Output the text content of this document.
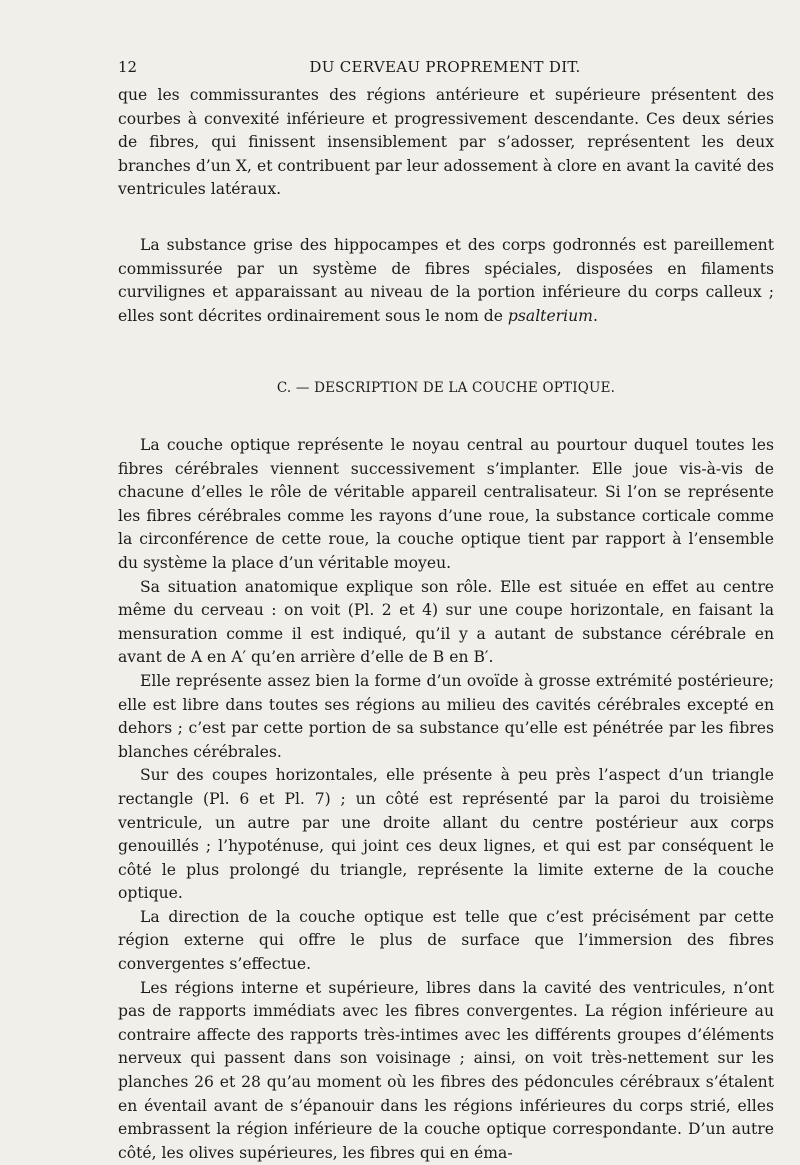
12	DU CERVEAU PROPREMENT DIT.

que les commissurantes des régions antérieure et supérieure présentent des courbes à convexité inférieure et progressivement descendante. Ces deux séries de fibres, qui finissent insensiblement par s’adosser, représentent les deux branches d’un X, et contribuent par leur adossement à clore en avant la cavité des ventricules latéraux.

La substance grise des hippocampes et des corps godronnés est pareillement commissurée par un système de fibres spéciales, disposées en filaments curvilignes et apparaissant au niveau de la portion inférieure du corps calleux ; elles sont décrites ordinairement sous le nom de psalterium.

C. — DESCRIPTION DE LA COUCHE OPTIQUE.

La couche optique représente le noyau central au pourtour duquel toutes les fibres cérébrales viennent successivement s’implanter. Elle joue vis-à-vis de chacune d’elles le rôle de véritable appareil centralisateur. Si l’on se représente les fibres cérébrales comme les rayons d’une roue, la substance corticale comme la circonférence de cette roue, la couche optique tient par rapport à l’ensemble du système la place d’un véritable moyeu.

Sa situation anatomique explique son rôle. Elle est située en effet au centre même du cerveau : on voit (Pl. 2 et 4) sur une coupe horizontale, en faisant la mensuration comme il est indiqué, qu’il y a autant de substance cérébrale en avant de A en A′ qu’en arrière d’elle de B en B′.

Elle représente assez bien la forme d’un ovoïde à grosse extrémité postérieure; elle est libre dans toutes ses régions au milieu des cavités cérébrales excepté en dehors ; c’est par cette portion de sa substance qu’elle est pénétrée par les fibres blanches cérébrales.

Sur des coupes horizontales, elle présente à peu près l’aspect d’un triangle rectangle (Pl. 6 et Pl. 7) ; un côté est représenté par la paroi du troisième ventricule, un autre par une droite allant du centre postérieur aux corps genouillés ; l’hypoténuse, qui joint ces deux lignes, et qui est par conséquent le côté le plus prolongé du triangle, représente la limite externe de la couche optique.

La direction de la couche optique est telle que c’est précisément par cette région externe qui offre le plus de surface que l’immersion des fibres convergentes s’effectue.

Les régions interne et supérieure, libres dans la cavité des ventricules, n’ont pas de rapports immédiats avec les fibres convergentes. La région inférieure au contraire affecte des rapports très-intimes avec les différents groupes d’éléments nerveux qui passent dans son voisinage ; ainsi, on voit très-nettement sur les planches 26 et 28 qu’au moment où les fibres des pédoncules cérébraux s’étalent en éventail avant de s’épanouir dans les régions inférieures du corps strié, elles embrassent la région inférieure de la couche optique correspondante. D’un autre côté, les olives supérieures, les fibres qui en éma-
